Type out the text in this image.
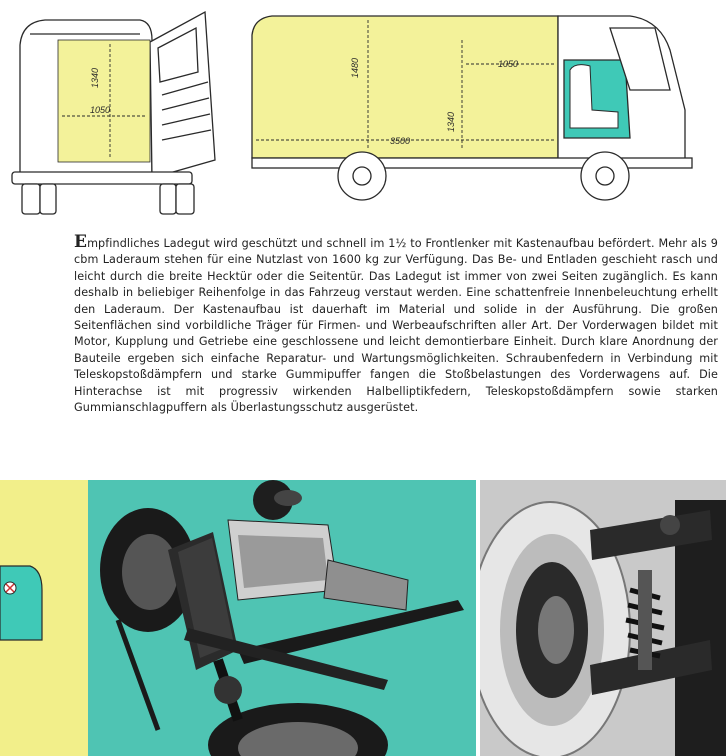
1340
1050
1480	1050
1340
3500
Empfindliches Ladegut wird geschützt und schnell im 1½ to Frontlenker mit Kastenaufbau befördert. Mehr als 9 cbm Laderaum stehen für eine Nutzlast von 1600 kg zur Verfügung. Das Be- und Entladen geschieht rasch und leicht durch die breite Hecktür oder die Seitentür. Das Ladegut ist immer von zwei Seiten zugänglich. Es kann deshalb in beliebiger Reihenfolge in das Fahrzeug verstaut werden. Eine schattenfreie Innenbeleuchtung erhellt den Laderaum. Der Kastenaufbau ist dauerhaft im Material und solide in der Ausführung. Die großen Seitenflächen sind vorbildliche Träger für Firmen- und Werbeaufschriften aller Art. Der Vorderwagen bildet mit Motor, Kupplung und Getriebe eine geschlossene und leicht demontierbare Einheit. Durch klare Anordnung der Bauteile ergeben sich einfache Reparatur- und Wartungsmöglichkeiten. Schraubenfedern in Verbindung mit Teleskopstoßdämpfern und starke Gummipuffer fangen die Stoßbelastungen des Vorderwagens auf. Die Hinterachse ist mit progressiv wirkenden Halbelliptikfedern, Teleskopstoßdämpfern sowie starken Gummianschlagpuffern als Überlastungsschutz ausgerüstet.
